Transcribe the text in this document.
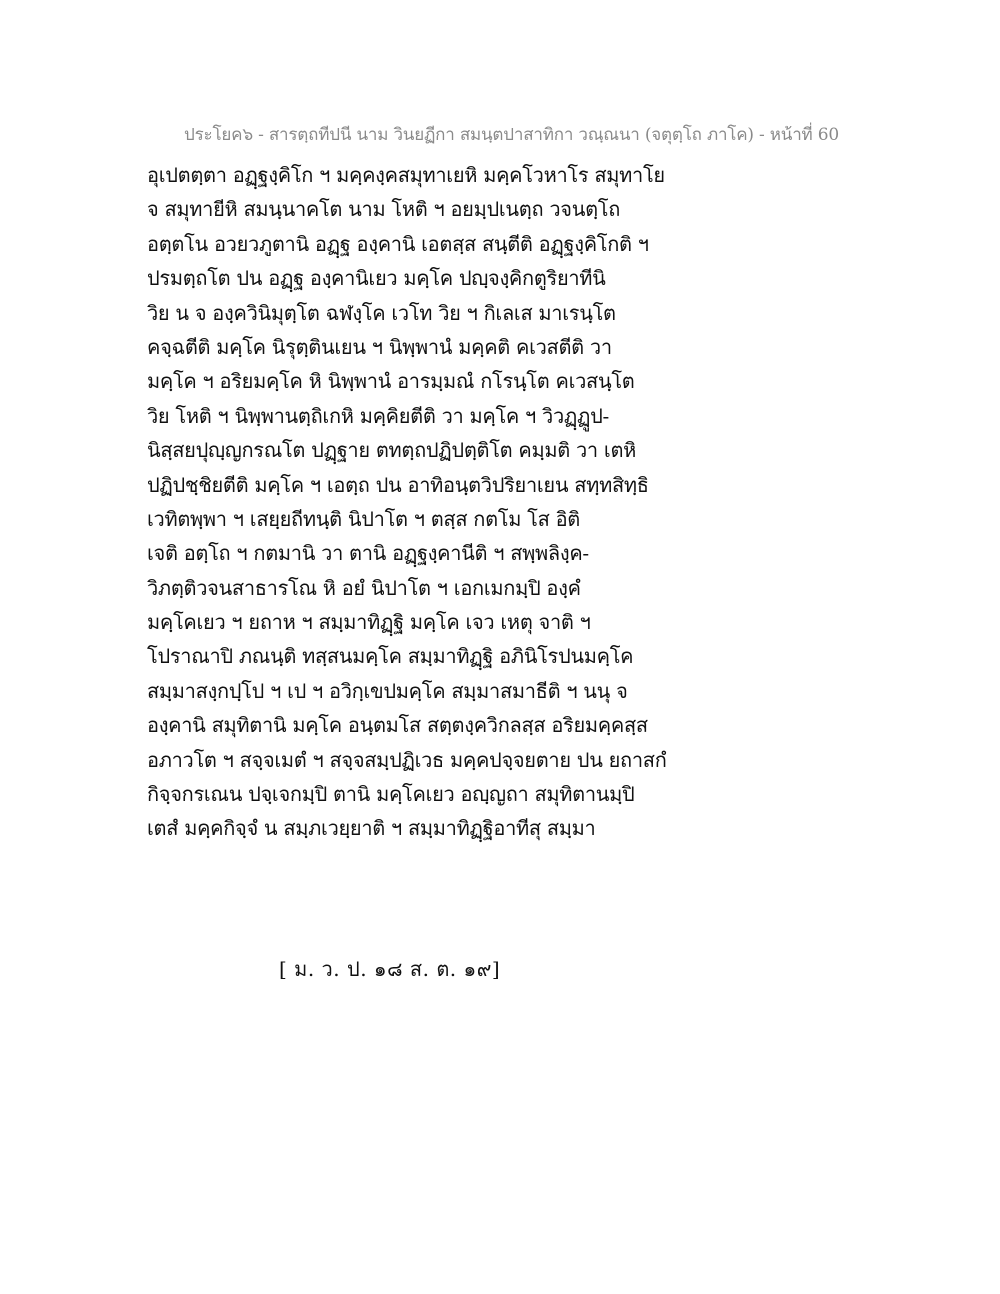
ประโยค๖ - สารตฺถทีปนี นาม วินยฏีกา สมนฺตปาสาทิกา วณฺณนา (จตุตฺโถ ภาโค) - หน้าที่ 60
อุเปตตฺตา อฏฺฐงฺคิโก ฯ มคฺคงฺคสมุทาเยหิ มคฺคโวหาโร สมุทาโย
จ สมุทายีหิ สมนฺนาคโต นาม โหติ ฯ อยมฺปเนตฺถ วจนตฺโถ
อตฺตโน อวยวภูตานิ อฏฺฐ องฺคานิ เอตสฺส สนฺตีติ อฏฺฐงฺคิโกติ ฯ
ปรมตฺถโต ปน อฏฺฐ องฺคานิเยว มคฺโค ปญฺจงฺคิกตูริยาทีนิ
วิย น จ องฺควินิมุตฺโต ฉฬงฺโค เวโท วิย ฯ กิเลเส มาเรนฺโต
คจฺฉตีติ มคฺโค นิรุตฺตินเยน ฯ นิพฺพานํ มคฺคติ คเวสตีติ วา
มคฺโค ฯ อริยมคฺโค หิ นิพฺพานํ อารมฺมณํ กโรนฺโต คเวสนฺโต
วิย โหติ ฯ นิพฺพานตฺถิเกหิ มคฺคิยตีติ วา มคฺโค ฯ วิวฏฺฏูป-
นิสฺสยปุญฺญกรณโต ปฏฺฐาย ตทตฺถปฏิปตฺติโต คมฺมติ วา เตหิ
ปฏิปชฺชิยตีติ มคฺโค ฯ เอตฺถ ปน อาทิอนฺตวิปริยาเยน สทฺทสิทฺธิ
เวทิตพฺพา ฯ เสยฺยถีทนฺติ นิปาโต ฯ ตสฺส กตโม โส อิติ
เจติ อตฺโถ ฯ กตมานิ วา ตานิ อฏฺฐงฺคานีติ ฯ สพฺพลิงฺค-
วิภตฺติวจนสาธารโณ หิ อยํ นิปาโต ฯ เอกเมกมฺปิ องฺคํ
มคฺโคเยว ฯ ยถาห ฯ สมฺมาทิฏฺฐิ มคฺโค เจว เหตุ จาติ ฯ
โปราณาปิ ภณนฺติ ทสฺสนมคฺโค สมฺมาทิฏฺฐิ อภินิโรปนมคฺโค
สมฺมาสงฺกปฺโป ฯ เป ฯ อวิกฺเขปมคฺโค สมฺมาสมาธีติ ฯ นนุ จ
องฺคานิ สมุทิตานิ มคฺโค อนฺตมโส สตฺตงฺควิกลสฺส อริยมคฺคสฺส
อภาวโต ฯ สจฺจเมตํ ฯ สจฺจสมฺปฏิเวธ มคฺคปจฺจยตาย ปน ยถาสกํ
กิจฺจกรเณน ปจฺเจกมฺปิ ตานิ มคฺโคเยว อญฺญถา สมุทิตานมฺปิ
เตสํ มคฺคกิจฺจํ น สมฺภเวยฺยาติ ฯ สมฺมาทิฏฺฐิอาทีสุ สมฺมา
[ ม. ว. ป. ๑๘ ส. ต. ๑๙]
